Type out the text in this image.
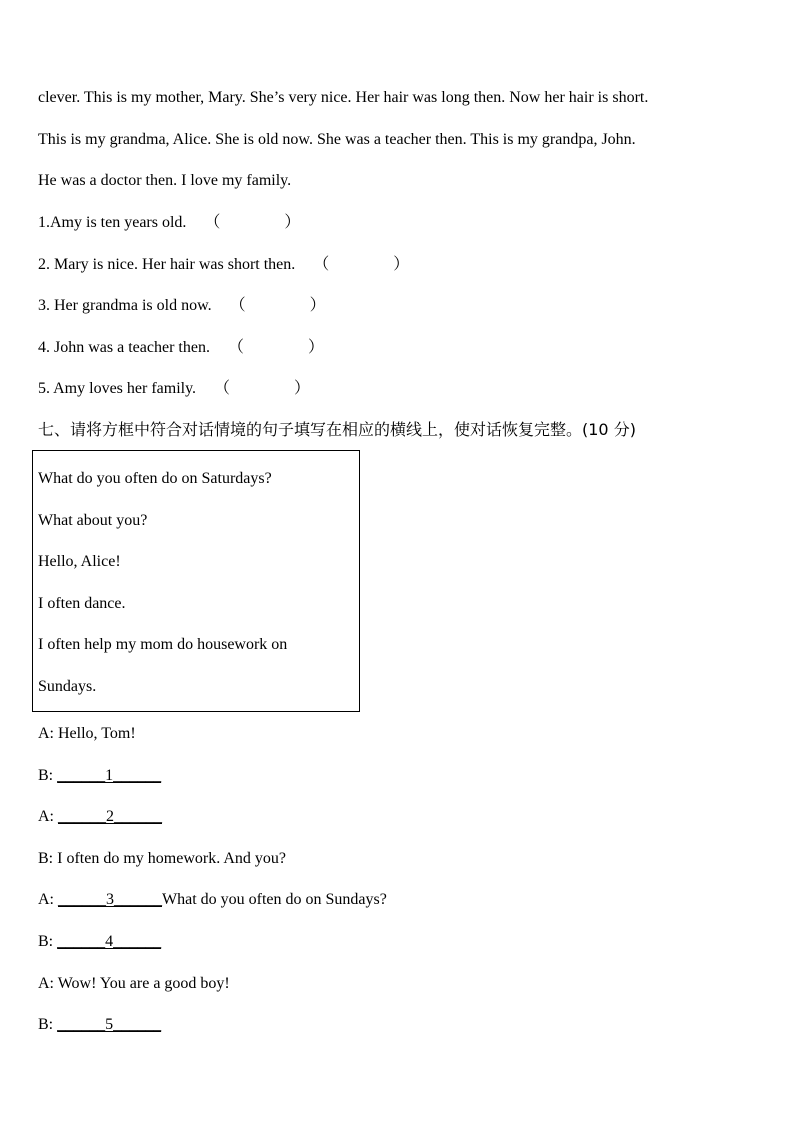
clever. This is my mother, Mary. She’s very nice. Her hair was long then. Now her hair is short.
This is my grandma, Alice. She is old now. She was a teacher then. This is my grandpa, John.
He was a doctor then. I love my family.
1.Amy is ten years old. （　　　　）
2. Mary is nice. Her hair was short then. （　　　　）
3. Her grandma is old now. （　　　　）
4. John was a teacher then. （　　　　）
5. Amy loves her family. （　　　　）
七、请将方框中符合对话情境的句子填写在相应的横线上，使对话恢复完整。(10 分)
What do you often do on Saturdays?
What about you?
Hello, Alice!
I often dance.
I often help my mom do housework on
Sundays.
A: Hello, Tom!
B: ______1______
A: ______2______
B: I often do my homework. And you?
A: ______3______What do you often do on Sundays?
B: ______4______
A: Wow! You are a good boy!
B: ______5______
